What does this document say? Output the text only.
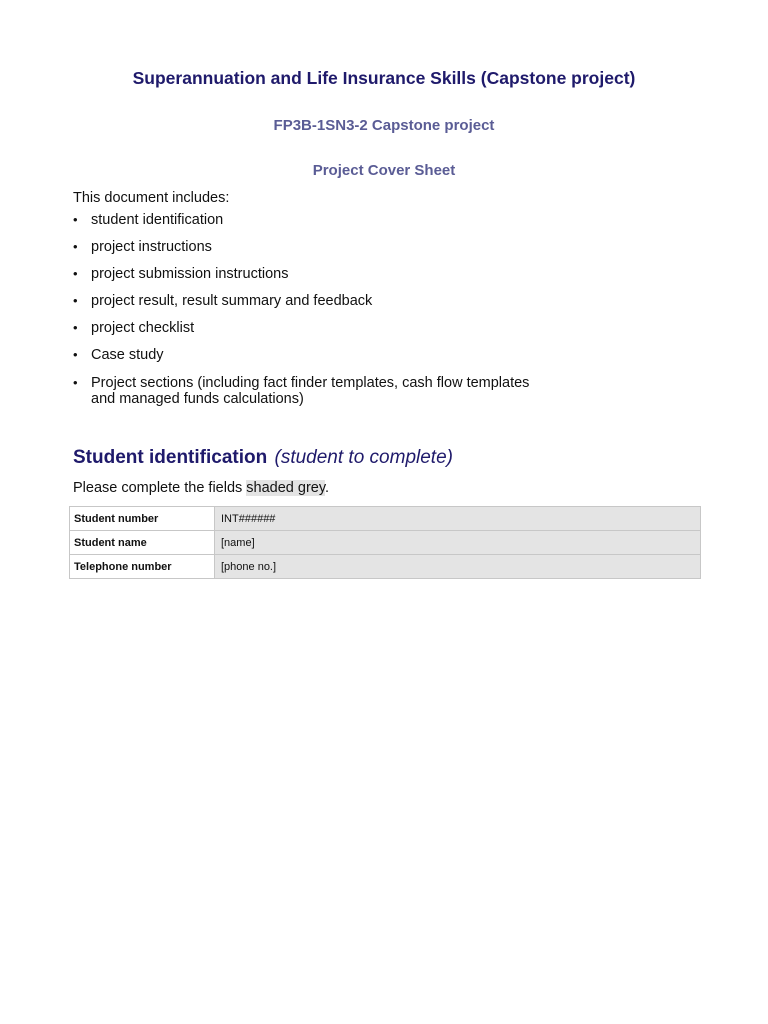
Superannuation and Life Insurance Skills (Capstone project)
FP3B-1SN3-2 Capstone project
Project Cover Sheet

This document includes:

• student identification
• project instructions
• project submission instructions
• project result, result summary and feedback
• project checklist
• Case study
• Project sections (including fact finder templates, cash flow templates and managed funds calculations)
Student identification (student to complete)

Please complete the fields shaded grey.

Student number	INT######
Student name	[name]
Telephone number	[phone no.]
